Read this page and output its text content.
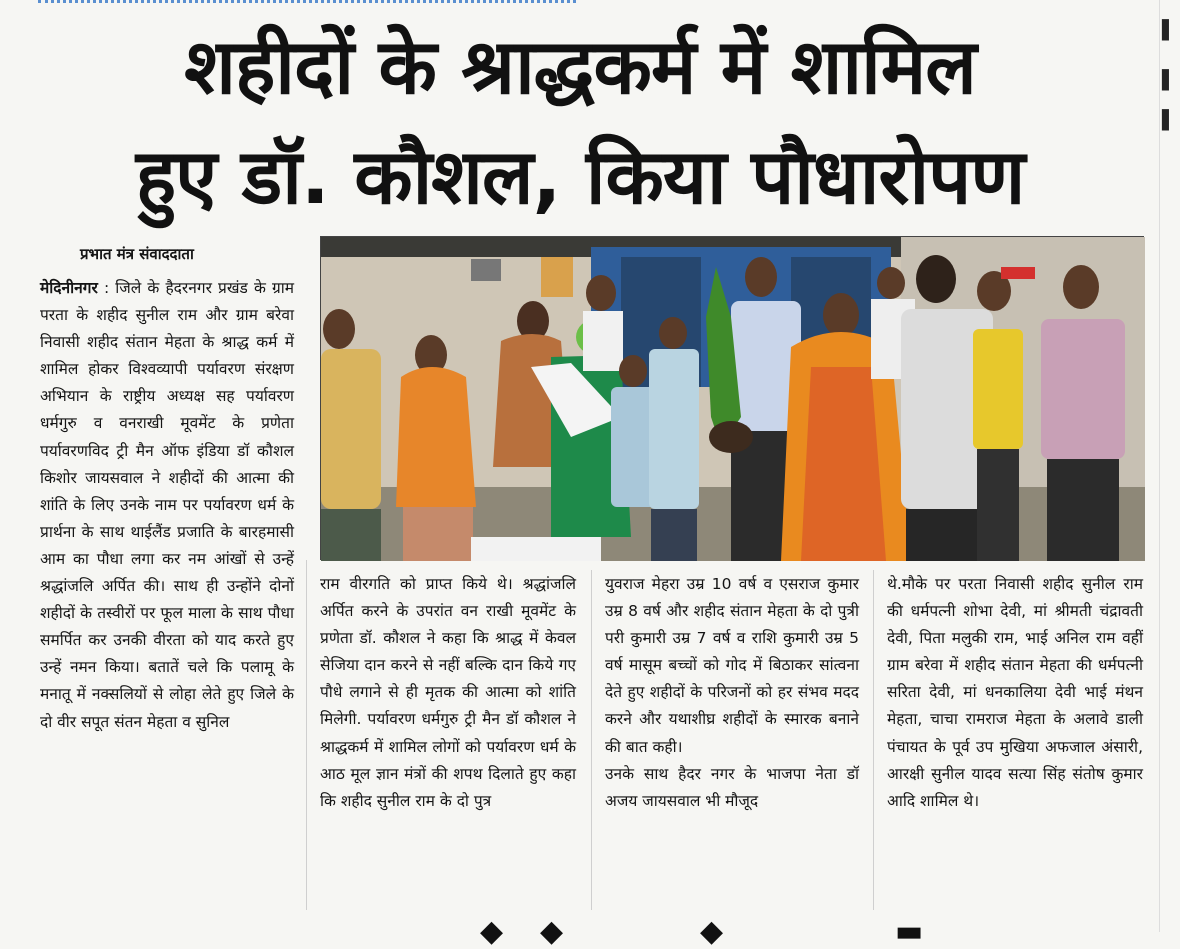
शहीदों के श्राद्धकर्म में शामिल
हुए डॉ. कौशल, किया पौधारोपण
प्रभात मंत्र संवाददाता

मेदिनीनगर : जिले के हैदरनगर प्रखंड के ग्राम परता के शहीद सुनील राम और ग्राम बरेवा निवासी शहीद संतान मेहता के श्राद्ध कर्म में शामिल होकर विश्वव्यापी पर्यावरण संरक्षण अभियान के राष्ट्रीय अध्यक्ष सह पर्यावरण धर्मगुरु व वनराखी मूवमेंट के प्रणेता पर्यावरणविद ट्री मैन ऑफ इंडिया डॉ कौशल किशोर जायसवाल ने शहीदों की आत्मा की शांति के लिए उनके नाम पर पर्यावरण धर्म के प्रार्थना के साथ थाईलैंड प्रजाति के बारहमासी आम का पौधा लगा कर नम आंखों से उन्हें श्रद्धांजलि अर्पित की। साथ ही उन्होंने दोनों शहीदों के तस्वीरों पर फूल माला के साथ पौधा समर्पित कर उनकी वीरता को याद करते हुए उन्हें नमन किया। बतातें चले कि पलामू के मनातू में नक्सलियों से लोहा लेते हुए जिले के दो वीर सपूत संतन मेहता व सुनिल

राम वीरगति को प्राप्त किये थे। श्रद्धांजलि अर्पित करने के उपरांत वन राखी मूवमेंट के प्रणेता डॉ. कौशल ने कहा कि श्राद्ध में केवल सेजिया दान करने से नहीं बल्कि दान किये गए पौधे लगाने से ही मृतक की आत्मा को शांति मिलेगी. पर्यावरण धर्मगुरु ट्री मैन डॉ कौशल ने श्राद्धकर्म में शामिल लोगों को पर्यावरण धर्म के आठ मूल ज्ञान मंत्रों की शपथ दिलाते हुए कहा कि शहीद सुनील राम के दो पुत्र

युवराज मेहरा उम्र 10 वर्ष व एसराज कुमार उम्र 8 वर्ष और शहीद संतान मेहता के दो पुत्री परी कुमारी उम्र 7 वर्ष व राशि कुमारी उम्र 5 वर्ष मासूम बच्चों को गोद में बिठाकर सांत्वना देते हुए शहीदों के परिजनों को हर संभव मदद करने और यथाशीघ्र शहीदों के स्मारक बनाने की बात कही।

उनके साथ हैदर नगर के भाजपा नेता डॉ अजय जायसवाल भी मौजूद

थे.मौके पर परता निवासी शहीद सुनील राम की धर्मपत्नी शोभा देवी, मां श्रीमती चंद्रावती देवी, पिता मलुकी राम, भाई अनिल राम वहीं ग्राम बरेवा में शहीद संतान मेहता की धर्मपत्नी सरिता देवी, मां धनकालिया देवी भाई मंथन मेहता, चाचा रामराज मेहता के अलावे डाली पंचायत के पूर्व उप मुखिया अफजाल अंसारी, आरक्षी सुनील यादव सत्या सिंह संतोष कुमार आदि शामिल थे।

◆ ◆	◆	▬
▌
▌
▌
